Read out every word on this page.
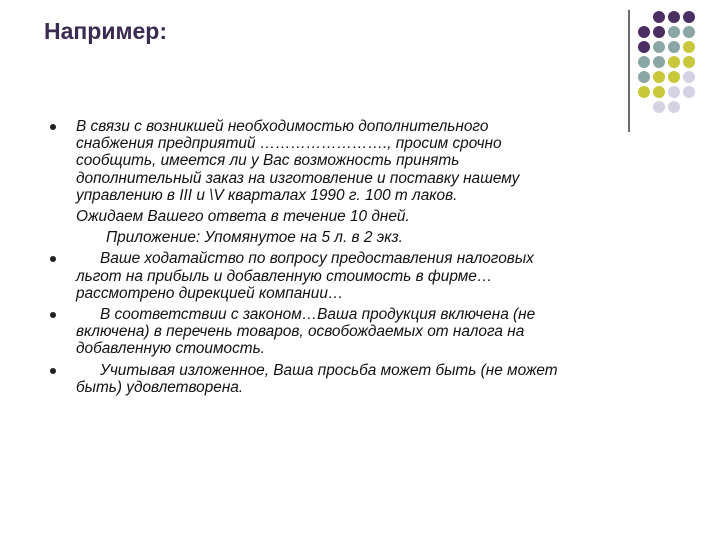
Например:
В связи с возникшей необходимостью дополнительного
снабжения предприятий ……………………., просим срочно
сообщить, имеется ли у Вас возможность принять
дополнительный заказ на изготовление и поставку нашему
управлению в III и \V кварталах 1990 г. 100 т лаков.
Ожидаем Вашего ответа в течение 10 дней.
Приложение: Упомянутое на 5 л. в 2 экз.
Ваше ходатайство по вопросу предоставления налоговых
льгот на прибыль и добавленную стоимость в фирме…
рассмотрено дирекцией компании…
В соответствии с законом…Ваша продукция включена (не
включена) в перечень товаров, освобождаемых от налога на
добавленную стоимость.
Учитывая изложенное, Ваша просьба может быть (не может
быть) удовлетворена.
